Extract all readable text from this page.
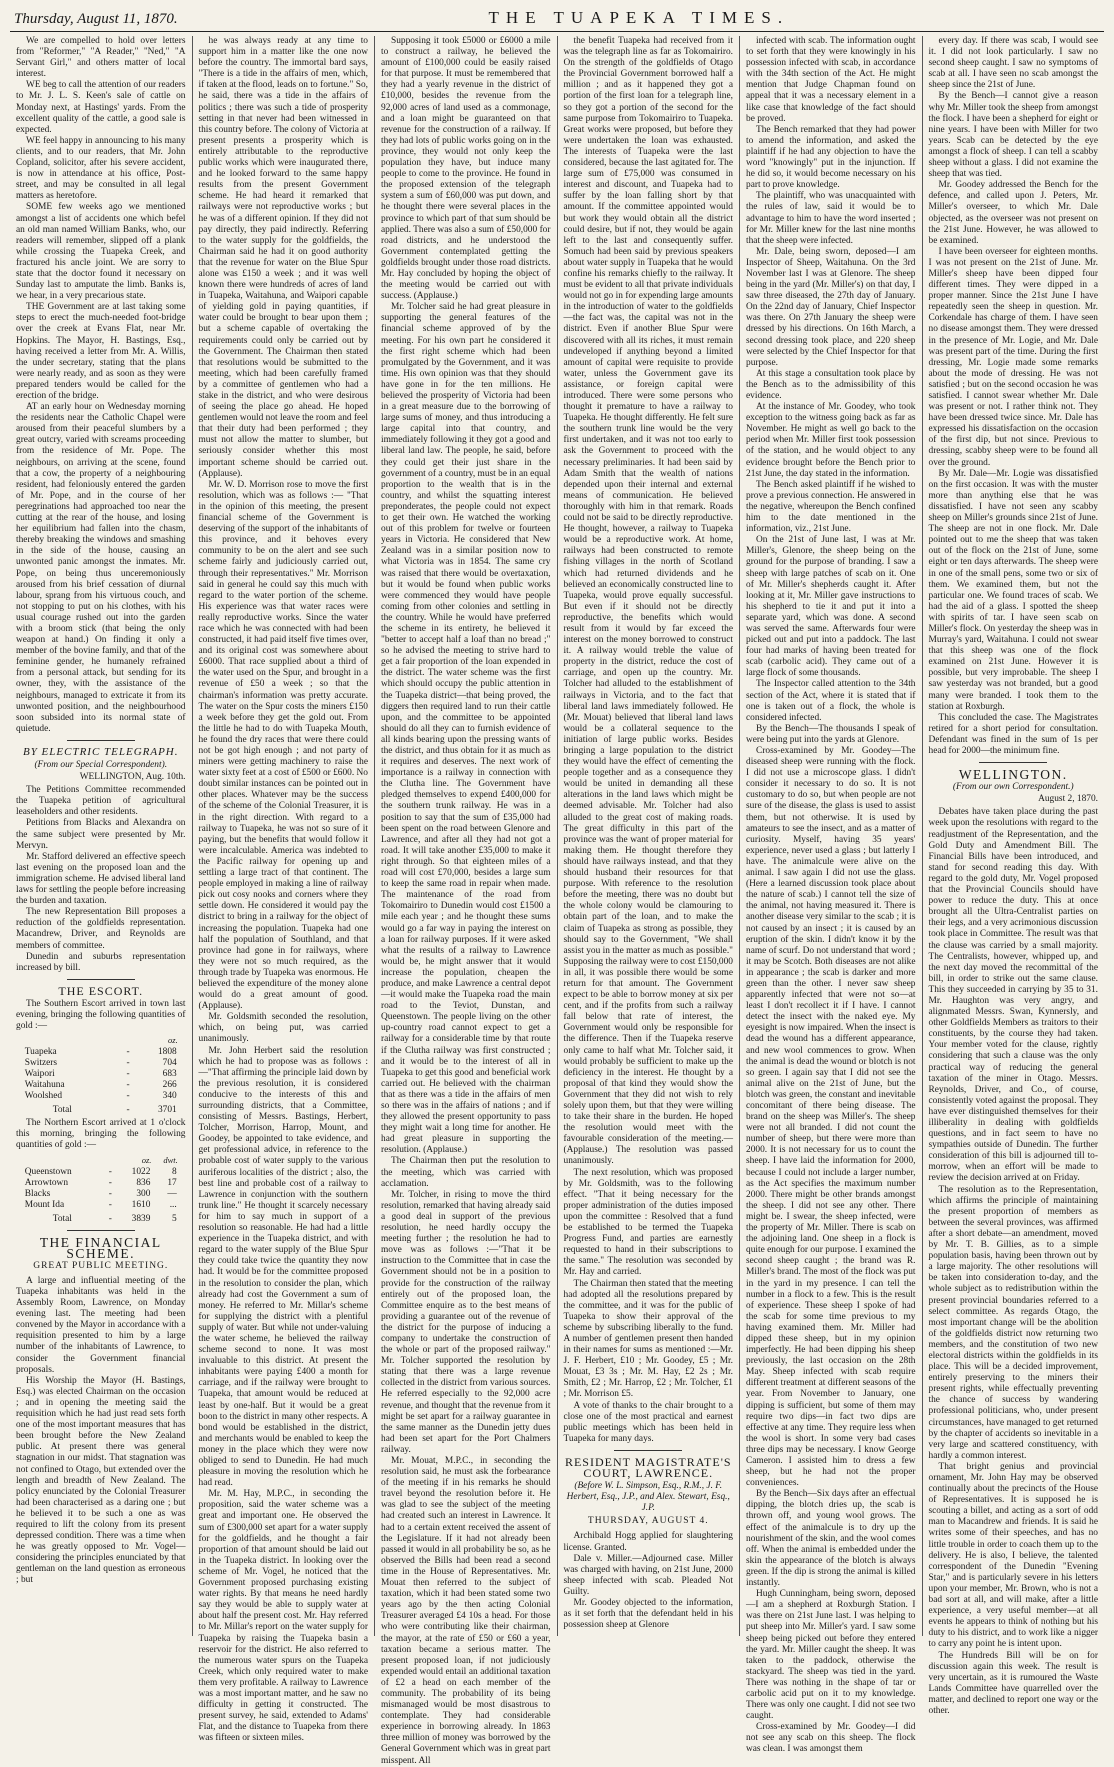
Thursday, August 11, 1870.	THE TUAPEKA TIMES.

We are compelled to hold over letters from "Reformer," "A Reader," "Ned," "A Servant Girl," and others matter of local interest.

WE beg to call the attention of our readers to Mr. J. L. S. Keen's sale of cattle on Monday next, at Hastings' yards. From the excellent quality of the cattle, a good sale is expected.

WE feel happy in announcing to his many clients, and to our readers, that Mr. John Copland, solicitor, after his severe accident, is now in attendance at his office, Post-street, and may be consulted in all legal matters as heretofore.

SOME few weeks ago we mentioned amongst a list of accidents one which befel an old man named William Banks, who, our readers will remember, slipped off a plank while crossing the Tuapeka Creek, and fractured his ancle joint. We are sorry to state that the doctor found it necessary on Sunday last to amputate the limb. Banks is, we hear, in a very precarious state.

THE Government are at last taking some steps to erect the much-needed foot-bridge over the creek at Evans Flat, near Mr. Hopkins. The Mayor, H. Bastings, Esq., having received a letter from Mr. A. Willis, the under secretary, stating that the plans were nearly ready, and as soon as they were prepared tenders would be called for the erection of the bridge.

AT an early hour on Wednesday morning the residents near the Catholic Chapel were aroused from their peaceful slumbers by a great outcry, varied with screams proceeding from the residence of Mr. Pope. The neighbours, on arriving at the scene, found that a cow, the property of a neighbouring resident, had feloniously entered the garden of Mr. Pope, and in the course of her peregrinations had approached too near the cutting at the rear of the house, and losing her equilibrium had fallen into the chasm, thereby breaking the windows and smashing in the side of the house, causing an unwonted panic amongst the inmates. Mr. Pope, on being thus unceremoniously aroused from his brief cessation of diurnal labour, sprang from his virtuous couch, and not stopping to put on his clothes, with his usual courage rushed out into the garden with a broom stick (that being the only weapon at hand.) On finding it only a member of the bovine family, and that of the feminine gender, he humanely refrained from a personal attack, but sending for its owner, they, with the assistance of the neighbours, managed to extricate it from its unwonted position, and the neighbourhood soon subsided into its normal state of quietude.

BY ELECTRIC TELEGRAPH.
(From our Special Correspondent).
WELLINGTON, Aug. 10th.

The Petitions Committee recommended the Tuapeka petition of agricultural leaseholders and other residents.

Petitions from Blacks and Alexandra on the same subject were presented by Mr. Mervyn.

Mr. Stafford delivered an effective speech last evening on the proposed loan and the immigration scheme. He advised liberal land laws for settling the people before increasing the burden and taxation.

The new Representation Bill proposes a reduction of the goldfields representation. Macandrew, Driver, and Reynolds are members of committee.

Dunedin and suburbs representation increased by bill.

THE ESCORT.

The Southern Escort arrived in town last evening, bringing the following quantities of gold :—

		oz.
Tuapeka	-	1808
Switzers	-	704
Waipori	-	683
Waitahuna	-	266
Woolshed	-	340
Total	-	3701

The Northern Escort arrived at 1 o'clock this morning, bringing the following quantities of gold :—

		oz.	dwt.
Queenstown	-	1022	8
Arrowtown	-	836	17
Blacks	-	300	—
Mount Ida	-	1610	...
Total	-	3839	5
THE FINANCIAL SCHEME.
GREAT PUBLIC MEETING.

A large and influential meeting of the Tuapeka inhabitants was held in the Assembly Room, Lawrence, on Monday evening last. The meeting had been convened by the Mayor in accordance with a requisition presented to him by a large number of the inhabitants of Lawrence, to consider the Government financial proposals.

His Worship the Mayor (H. Bastings, Esq.) was elected Chairman on the occasion ; and in opening the meeting said the requisition which he had just read sets forth one of the most important measures that has been brought before the New Zealand public. At present there was general stagnation in our midst. That stagnation was not confined to Otago, but extended over the length and breadth of New Zealand. The policy enunciated by the Colonial Treasurer had been characterised as a daring one ; but he believed it to be such a one as was required to lift the colony from its present depressed condition. There was a time when he was greatly opposed to Mr. Vogel—considering the principles enunciated by that gentleman on the land question as erroneous ; but

he was always ready at any time to support him in a matter like the one now before the country. The immortal bard says, "There is a tide in the affairs of men, which, if taken at the flood, leads on to fortune." So, he said, there was a tide in the affairs of politics ; there was such a tide of prosperity setting in that never had been witnessed in this country before. The colony of Victoria at present presents a prosperity which is entirely attributable to the reproductive public works which were inaugurated there, and he looked forward to the same happy results from the present Government scheme. He had heard it remarked that railways were not reproductive works ; but he was of a different opinion. If they did not pay directly, they paid indirectly. Referring to the water supply for the goldfields, the Chairman said he had it on good authority that the revenue for water on the Blue Spur alone was £150 a week ; and it was well known there were hundreds of acres of land in Tuapeka, Waitahuna, and Waipori capable of yielding gold in paying quantities, if water could be brought to bear upon them ; but a scheme capable of overtaking the requirements could only be carried out by the Government. The Chairman then stated that resolutions would be submitted to the meeting, which had been carefully framed by a committee of gentlemen who had a stake in the district, and who were desirous of seeing the place go ahead. He hoped gentlemen would not leave the room and feel that their duty had been performed ; they must not allow the matter to slumber, but seriously consider whether this most important scheme should be carried out. (Applause).

Mr. W. D. Morrison rose to move the first resolution, which was as follows :— "That in the opinion of this meeting, the present financial scheme of the Government is deserving of the support of the inhabitants of this province, and it behoves every community to be on the alert and see such scheme fairly and judiciously carried out, through their representatives." Mr. Morrison said in general he could say this much with regard to the water portion of the scheme. His experience was that water races were really reproductive works. Since the water race which he was connected with had been constructed, it had paid itself five times over, and its original cost was somewhere about £6000. That race supplied about a third of the water used on the Spur, and brought in a revenue of £50 a week ; so that the chairman's information was pretty accurate. The water on the Spur costs the miners £150 a week before they get the gold out. From the little he had to do with Tuapeka Mouth, he found the dry races that were there could not be got high enough ; and not party of miners were getting machinery to raise the water sixty feet at a cost of £500 or £600. No doubt similar instances can be pointed out in other places. Whatever may be the success of the scheme of the Colonial Treasurer, it is in the right direction. With regard to a railway to Tuapeka, he was not so sure of it paying, but the benefits that would follow it were incalculable. America was indebted to the Pacific railway for opening up and settling a large tract of that continent. The people employed in making a line of railway pick out cosy nooks and corners where they settle down. He considered it would pay the district to bring in a railway for the object of increasing the population. Tuapeka had one half the population of Southland, and that province had gone in for railways, where they were not so much required, as the through trade by Tuapeka was enormous. He believed the expenditure of the money alone would do a great amount of good. (Applause).

Mr. Goldsmith seconded the resolution, which, on being put, was carried unanimously.

Mr. John Herbert said the resolution which he had to propose was as follows : —"That affirming the principle laid down by the previous resolution, it is considered conducive to the interests of this and surrounding districts, that a Committee, consisting of Messrs. Bastings, Herbert, Tolcher, Morrison, Harrop, Mount, and Goodey, be appointed to take evidence, and get professional advice, in reference to the probable cost of water supply to the various auriferous localities of the district ; also, the best line and probable cost of a railway to Lawrence in conjunction with the southern trunk line." He thought it scarcely necessary for him to say much in support of a resolution so reasonable. He had had a little experience in the Tuapeka district, and with regard to the water supply of the Blue Spur they could take twice the quantity they now had. It would be for the committee proposed in the resolution to consider the plan, which already had cost the Government a sum of money. He referred to Mr. Millar's scheme for supplying the district with a plentiful supply of water. But while not under-valuing the water scheme, he believed the railway scheme second to none. It was most invaluable to this district. At present the inhabitants were paying £400 a month for carriage, and if the railway were brought to Tuapeka, that amount would be reduced at least by one-half. But it would be a great boon to the district in many other respects. A bond would be established in the district, and merchants would be enabled to keep the money in the place which they were now obliged to send to Dunedin. He had much pleasure in moving the resolution which he had read.

Mr. M. Hay, M.P.C., in seconding the proposition, said the water scheme was a great and important one. He observed the sum of £300,000 set apart for a water supply for the goldfields, and he thought a fair proportion of that amount should be laid out in the Tuapeka district. In looking over the scheme of Mr. Vogel, he noticed that the Government proposed purchasing existing water rights. By that means he need hardly say they would be able to supply water at about half the present cost. Mr. Hay referred to Mr. Millar's report on the water supply for Tuapeka by raising the Tuapeka basin a reservoir for the district. He also referred to the numerous water spurs on the Tuapeka Creek, which only required water to make them very profitable. A railway to Lawrence was a most important matter, and he saw no difficulty in getting it constructed. The present survey, he said, extended to Adams' Flat, and the distance to Tuapeka from there was fifteen or sixteen miles.

Supposing it took £5000 or £6000 a mile to construct a railway, he believed the amount of £100,000 could be easily raised for that purpose. It must be remembered that they had a yearly revenue in the district of £10,000, besides the revenue from the 92,000 acres of land used as a commonage, and a loan might be guaranteed on that revenue for the construction of a railway. If they had lots of public works going on in the province, they would not only keep the population they have, but induce many people to come to the province. He found in the proposed extension of the telegraph system a sum of £60,000 was put down, and he thought there were several places in the province to which part of that sum should be applied. There was also a sum of £50,000 for road districts, and he understood the Government contemplated getting the goldfields brought under those road districts. Mr. Hay concluded by hoping the object of the meeting would be carried out with success. (Applause.)

Mr. Tolcher said he had great pleasure in supporting the general features of the financial scheme approved of by the meeting. For his own part he considered it the first right scheme which had been promulgated by the Government, and it was time. His own opinion was that they should have gone in for the ten millions. He believed the prosperity of Victoria had been in a great measure due to the borrowing of large sums of money, and thus introducing a large capital into that country, and immediately following it they got a good and liberal land law. The people, he said, before they could get their just share in the government of a country, must be in an equal proportion to the wealth that is in the country, and whilst the squatting interest preponderates, the people could not expect to get their own. He watched the working out of this problem for twelve or fourteen years in Victoria. He considered that New Zealand was in a similar position now to what Victoria was in 1854. The same cry was raised that there would be overtaxation, but it would be found when public works were commenced they would have people coming from other colonies and settling in the country. While he would have preferred the scheme in its entirety, he believed it "better to accept half a loaf than no bread ;" so he advised the meeting to strive hard to get a fair proportion of the loan expended in the district. The water scheme was the first which should occupy the public attention in the Tuapeka district—that being proved, the diggers then required land to run their cattle upon, and the committee to be appointed should do all they can to furnish evidence of all kinds bearing upon the pressing wants of the district, and thus obtain for it as much as it requires and deserves. The next work of importance is a railway in connection with the Clutha line. The Government have pledged themselves to expend £400,000 for the southern trunk railway. He was in a position to say that the sum of £35,000 had been spent on the road between Glenore and Lawrence, and after all they had not got a road. It will take another £35,000 to make it right through. So that eighteen miles of a road will cost £70,000, besides a large sum to keep the same road in repair when made. The maintenance of the road from Tokomairiro to Dunedin would cost £1500 a mile each year ; and he thought these sums would go a far way in paying the interest on a loan for railway purposes. If it were asked what the results of a railway to Lawrence would be, he might answer that it would increase the population, cheapen the produce, and make Lawrence a central depot—it would make the Tuapeka road the main road to the Teviot, Dunstan, and Queenstown. The people living on the other up-country road cannot expect to get a railway for a considerable time by that route if the Clutha railway was first constructed ; and it would be to the interest of all in Tuapeka to get this good and beneficial work carried out. He believed with the chairman that as there was a tide in the affairs of men so there was in the affairs of nations ; and if they allowed the present opportunity to pass they might wait a long time for another. He had great pleasure in supporting the resolution. (Applause.)

The Chairman then put the resolution to the meeting, which was carried with acclamation.

Mr. Tolcher, in rising to move the third resolution, remarked that having already said a good deal in support of the previous resolution, he need hardly occupy the meeting further ; the resolution he had to move was as follows :—"That it be instruction to the Committee that in case the Government should not be in a position to provide for the construction of the railway entirely out of the proposed loan, the Committee enquire as to the best means of providing a guarantee out of the revenue of the district for the purpose of inducing a company to undertake the construction of the whole or part of the proposed railway." Mr. Tolcher supported the resolution by stating that there was a large revenue collected in the district from various sources. He referred especially to the 92,000 acre revenue, and thought that the revenue from it might be set apart for a railway guarantee in the same manner as the Dunedin jetty dues had been set apart for the Port Chalmers railway.

Mr. Mouat, M.P.C., in seconding the resolution said, he must ask the forbearance of the meeting if in his remarks he should travel beyond the resolution before it. He was glad to see the subject of the meeting had created such an interest in Lawrence. It had to a certain extent received the assent of the Legislature. If it had not already been passed it would in all probability be so, as he observed the Bills had been read a second time in the House of Representatives. Mr. Mouat then referred to the subject of taxation, which it had been stated some two years ago by the then acting Colonial Treasurer averaged £4 10s a head. For those who were contributing like their chairman, the mayor, at the rate of £50 or £60 a year, taxation became a serious matter. The present proposed loan, if not judiciously expended would entail an additional taxation of £2 a head on each member of the community. The probability of its being mismanaged would be most disastrous to contemplate. They had considerable experience in borrowing already. In 1863 three million of money was borrowed by the General Government which was in great part misspent. All

the benefit Tuapeka had received from it was the telegraph line as far as Tokomairiro. On the strength of the goldfields of Otago the Provincial Government borrowed half a million ; and as it happened they got a portion of the first loan for a telegraph line, so they got a portion of the second for the same purpose from Tokomairiro to Tuapeka. Great works were proposed, but before they were undertaken the loan was exhausted. The interests of Tuapeka were the last considered, because the last agitated for. The large sum of £75,000 was consumed in interest and discount, and Tuapeka had to suffer by the loan falling short by that amount. If the committee appointed would but work they would obtain all the district could desire, but if not, they would be again left to the last and consequently suffer. Somuch had been said by previous speakers about water supply in Tuapeka that he would confine his remarks chiefly to the railway. It must be evident to all that private individuals would not go in for expending large amounts in the introduction of water to the goldfields—the fact was, the capital was not in the district. Even if another Blue Spur were discovered with all its riches, it must remain undeveloped if anything beyond a limited amount of capital were requisite to provide water, unless the Government gave its assistance, or foreign capital were introduced. There were some persons who thought it premature to have a railway to Tuapeka. He thought differently. He felt sure the southern trunk line would be the very first undertaken, and it was not too early to ask the Government to proceed with the necessary preliminaries. It had been said by Adam Smith that the wealth of nations depended upon their internal and external means of communication. He believed thoroughly with him in that remark. Roads could not be said to be directly reproductive. He thought, however, a railway to Tuapeka would be a reproductive work. At home, railways had been constructed to remote fishing villages in the north of Scotland which had returned dividends and he believed an economically constructed line to Tuapeka, would prove equally successful. But even if it should not be directly reproductive, the benefits which would result from it would by far exceed the interest on the money borrowed to construct it. A railway would treble the value of property in the district, reduce the cost of carriage, and open up the country. Mr. Tolcher had alluded to the establishment of railways in Victoria, and to the fact that liberal land laws immediately followed. He (Mr. Mouat) believed that liberal land laws would be a collateral sequence to the initiation of large public works. Besides bringing a large population to the district they would have the effect of cementing the people together and as a consequence they would be united in demanding all these alterations in the land laws which might be deemed advisable. Mr. Tolcher had also alluded to the great cost of making roads. The great difficulty in this part of the province was the want of proper material for making them. He thought therefore they should have railways instead, and that they should husband their resources for that purpose. With reference to the resolution before the meeting, there was no doubt but the whole colony would be clamouring to obtain part of the loan, and to make the claim of Tuapeka as strong as possible, they should say to the Government, "We shall assist you in the matter as much as possible." Supposing the railway were to cost £150,000 in all, it was possible there would be some return for that amount. The Government expect to be able to borrow money at six per cent, and if the profits from such a railway fall below that rate of interest, the Government would only be responsible for the difference. Then if the Tuapeka reserve only came to half what Mr. Tolcher said, it would probably be sufficient to make up the deficiency in the interest. He thought by a proposal of that kind they would show the Government that they did not wish to rely solely upon them, but that they were willing to take their share in the burden. He hoped the resolution would meet with the favourable consideration of the meeting.—(Applause.) The resolution was passed unanimously.

The next resolution, which was proposed by Mr. Goldsmith, was to the following effect. "That it being necessary for the proper administration of the duties imposed upon the committee : Resolved that a fund be established to be termed the Tuapeka Progress Fund, and parties are earnestly requested to hand in their subscriptions to the same." The resolution was seconded by Mr. Hay and carried.

The Chairman then stated that the meeting had adopted all the resolutions prepared by the committee, and it was for the public of Tuapeka to show their approval of the scheme by subscribing liberally to the fund. A number of gentlemen present then handed in their names for sums as mentioned :—Mr. J. F. Herbert, £10 ; Mr. Goodey, £5 ; Mr. Mouat, £3 3s ; Mr. M. Hay, £2 2s ; Mr. Smith, £2 ; Mr. Harrop, £2 ; Mr. Tolcher, £1 ; Mr. Morrison £5.

A vote of thanks to the chair brought to a close one of the most practical and earnest public meetings which has been held in Tuapeka for many days.

RESIDENT MAGISTRATE'S COURT, LAWRENCE.
(Before W. L. Simpson, Esq., R.M., J. F. Herbert, Esq., J.P., and Alex. Stewart, Esq., J.P.
THURSDAY, AUGUST 4.

Archibald Hogg applied for slaughtering license. Granted.

Dale v. Miller.—Adjourned case. Miller was charged with having, on 21st June, 2000 sheep infected with scab. Pleaded Not Guilty.

Mr. Goodey objected to the information, as it set forth that the defendant held in his possession sheep at Glenore

infected with scab. The information ought to set forth that they were knowingly in his possession infected with scab, in accordance with the 34th section of the Act. He might mention that Judge Chapman found on appeal that it was a necessary element in a like case that knowledge of the fact should be proved.

The Bench remarked that they had power to amend the information, and asked the plaintiff if he had any objection to have the word "knowingly" put in the injunction. If he did so, it would become necessary on his part to prove knowledge.

The plaintiff, who was unacquainted with the rules of law, said it would be to advantage to him to have the word inserted ; for Mr. Miller knew for the last nine months that the sheep were infected.

Mr. Dale, being sworn, deposed—I am Inspector of Sheep, Waitahuna. On the 3rd November last I was at Glenore. The sheep being in the yard (Mr. Miller's) on that day, I saw three diseased, the 27th day of January. On the 22nd day of January, Chief Inspector was there. On 27th January the sheep were dressed by his directions. On 16th March, a second dressing took place, and 220 sheep were selected by the Chief Inspector for that purpose.

At this stage a consultation took place by the Bench as to the admissibility of this evidence.

At the instance of Mr. Goodey, who took exception to the witness going back as far as November. He might as well go back to the period when Mr. Miller first took possession of the station, and he would object to any evidence brought before the Bench prior to 21st June, the day stated in the information.

The Bench asked plaintiff if he wished to prove a previous connection. He answered in the negative, whereupon the Bench confined him to the date mentioned in the information, viz., 21st June.

On the 21st of June last, I was at Mr. Miller's, Glenore, the sheep being on the ground for the purpose of branding. I saw a sheep with large patches of scab on it. One of Mr. Miller's shepherds caught it. After looking at it, Mr. Miller gave instructions to his shepherd to tie it and put it into a separate yard, which was done. A second was served the same. Afterwards four were picked out and put into a paddock. The last four had marks of having been treated for scab (carbolic acid). They came out of a large flock of some thousands.

The Inspector called attention to the 34th section of the Act, where it is stated that if one is taken out of a flock, the whole is considered infected.

By the Bench—The thousands I speak of were being put into the yards at Glenore.

Cross-examined by Mr. Goodey—The diseased sheep were running with the flock. I did not use a microscope glass. I didn't consider it necessary to do so. It is not customary to do so, but when people are not sure of the disease, the glass is used to assist them, but not otherwise. It is used by amateurs to see the insect, and as a matter of curiosity. Myself, having 35 years' experience, never used a glass ; but latterly I have. The animalcule were alive on the animal. I saw again I did not use the glass. (Here a learned discussion took place about the nature of scab.) I cannot tell the size of the animal, not having measured it. There is another disease very similar to the scab ; it is not caused by an insect ; it is caused by an eruption of the skin. I didn't know it by the name of scurf. Do not understand that word ; it may be Scotch. Both diseases are not alike in appearance ; the scab is darker and more green than the other. I never saw sheep apparently infected that were not so—at least I don't recollect it if I have. I cannot detect the insect with the naked eye. My eyesight is now impaired. When the insect is dead the wound has a different appearance, and new wool commences to grow. When the animal is dead the wound or blotch is not so green. I again say that I did not see the animal alive on the 21st of June, but the blotch was green, the constant and inevitable concomitant of there being disease. The brand on the sheep was Miller's. The sheep were not all branded. I did not count the number of sheep, but there were more than 2000. It is not necessary for us to count the sheep. I have laid the information for 2000, because I could not include a larger number, as the Act specifies the maximum number 2000. There might be other brands amongst the sheep. I did not see any other. There might be. I swear, the sheep infected, were the property of Mr. Miller. There is scab on the adjoining land. One sheep in a flock is quite enough for our purpose. I examined the second sheep caught ; the brand was R. Miller's brand. The most of the flock was put in the yard in my presence. I can tell the number in a flock to a few. This is the result of experience. These sheep I spoke of had the scab for some time previous to my having examined them. Mr. Miller had dipped these sheep, but in my opinion imperfectly. He had been dipping his sheep previously, the last occasion on the 28th May. Sheep infected with scab require different treatment at different seasons of the year. From November to January, one dipping is sufficient, but some of them may require two dips—in fact two dips are effective at any time. They require less when the wool is short. In some very bad cases three dips may be necessary. I know George Cameron. I assisted him to dress a few sheep, but he had not the proper conveniences.

By the Bench—Six days after an effectual dipping, the blotch dries up, the scab is thrown off, and young wool grows. The effect of the animalcule is to dry up the nourishment of the skin, and the wool comes off. When the animal is embedded under the skin the appearance of the blotch is always green. If the dip is strong the animal is killed instantly.

Hugh Cunningham, being sworn, deposed—I am a shepherd at Roxburgh Station. I was there on 21st June last. I was helping to put sheep into Mr. Miller's yard. I saw some sheep being picked out before they entered the yard. Mr. Miller caught the sheep. It was taken to the paddock, otherwise the stackyard. The sheep was tied in the yard. There was nothing in the shape of tar or carbolic acid put on it to my knowledge. There was only one caught. I did not see two caught.

Cross-examined by Mr. Goodey—I did not see any scab on this sheep. The flock was clean. I was amongst them

every day. If there was scab, I would see it. I did not look particularly. I saw no second sheep caught. I saw no symptoms of scab at all. I have seen no scab amongst the sheep since the 21st of June.

By the Bench—I cannot give a reason why Mr. Miller took the sheep from amongst the flock. I have been a shepherd for eight or nine years. I have been with Miller for two years. Scab can be detected by the eye amongst a flock of sheep. I can tell a scabby sheep without a glass. I did not examine the sheep that was tied.

Mr. Goodey addressed the Bench for the defence, and called upon J. Peters, Mr. Miller's overseer, to which Mr. Dale objected, as the overseer was not present on the 21st June. However, he was allowed to be examined.

I have been overseer for eighteen months. I was not present on the 21st of June. Mr. Miller's sheep have been dipped four different times. They were dipped in a proper manner. Since the 21st June I have repeatedly seen the sheep in question. Mr. Corkendale has charge of them. I have seen no disease amongst them. They were dressed in the presence of Mr. Logie, and Mr. Dale was present part of the time. During the first dressing, Mr. Logie made some remarks about the mode of dressing. He was not satisfied ; but on the second occasion he was satisfied. I cannot swear whether Mr. Dale was present or not. I rather think not. They have been dressed twice since. Mr. Dale has expressed his dissatisfaction on the occasion of the first dip, but not since. Previous to dressing, scabby sheep were to be found all over the ground.

By Mr. Dale—Mr. Logie was dissatisfied on the first occasion. It was with the muster more than anything else that he was dissatisfied. I have not seen any scabby sheep on Miller's grounds since 21st of June. The sheep are not in one flock. Mr. Dale pointed out to me the sheep that was taken out of the flock on the 21st of June, some eight or ten days afterwards. The sheep were in one of the small pens, some two or six of them. We examined them, but not the particular one. We found traces of scab. We had the aid of a glass. I spotted the sheep with spirits of tar. I have seen scab on Miller's flock. On yesterday the sheep was in Murray's yard, Waitahuna. I could not swear that this sheep was one of the flock examined on 21st June. However it is possible, but very improbable. The sheep I saw yesterday was not branded, but a good many were branded. I took them to the station at Roxburgh.

This concluded the case. The Magistrates retired for a short period for consultation. Defendant was fined in the sum of 1s per head for 2000—the minimum fine.

WELLINGTON.
(From our own Correspondent.)
August 2, 1870.

Debates have taken place during the past week upon the resolutions with regard to the readjustment of the Representation, and the Gold Duty and Amendment Bill. The Financial Bills have been introduced, and stand for second reading this day. With regard to the gold duty, Mr. Vogel proposed that the Provincial Councils should have power to reduce the duty. This at once brought all the Ultra-Centralist parties on their legs, and a very acrimonious discussion took place in Committee. The result was that the clause was carried by a small majority. The Centralists, however, whipped up, and the next day moved the recommittal of the bill, in order to strike out the same clause. This they succeeded in carrying by 35 to 31. Mr. Haughton was very angry, and alignmated Messrs. Swan, Kynnersly, and other Goldfields Members as traitors to their constituents, by the course they had taken. Your member voted for the clause, rightly considering that such a clause was the only practical way of reducing the general taxation of the miner in Otago. Messrs. Reynolds, Driver, and Co., of course, consistently voted against the proposal. They have ever distinguished themselves for their illiberality in dealing with goldfields questions, and in fact seem to have no sympathies outside of Dunedin. The further consideration of this bill is adjourned till to-morrow, when an effort will be made to review the decision arrived at on Friday.

The resolution as to the Representation, which affirms the principle of maintaining the present proportion of members as between the several provinces, was affirmed after a short debate—an amendment, moved by Mr. T. B. Gillies, as to a simple population basis, having been thrown out by a large majority. The other resolutions will be taken into consideration to-day, and the whole subject as to redistribution within the present provincial boundaries referred to a select committee. As regards Otago, the most important change will be the abolition of the goldfields district now returning two members, and the constitution of two new electoral districts within the goldfields in its place. This will be a decided improvement, entirely preserving to the miners their present rights, while effectually preventing the chance of success by wandering professional politicians, who, under present circumstances, have managed to get returned by the chapter of accidents so inevitable in a very large and scattered constituency, with hardly a common interest.

That bright genius and provincial ornament, Mr. John Hay may be observed continually about the precincts of the House of Representatives. It is supposed he is scouting a billet, and acting as a sort of odd man to Macandrew and friends. It is said he writes some of their speeches, and has no little trouble in order to coach them up to the delivery. He is also, I believe, the talented correspondent of the Dunedin "Evening Star," and is particularly severe in his letters upon your member, Mr. Brown, who is not a bad sort at all, and will make, after a little experience, a very useful member—at all events he appears to think of nothing but his duty to his district, and to work like a nigger to carry any point he is intent upon.

The Hundreds Bill will be on for discussion again this week. The result is very uncertain, as it is rumoured the Waste Lands Committee have quarrelled over the matter, and declined to report one way or the other.
